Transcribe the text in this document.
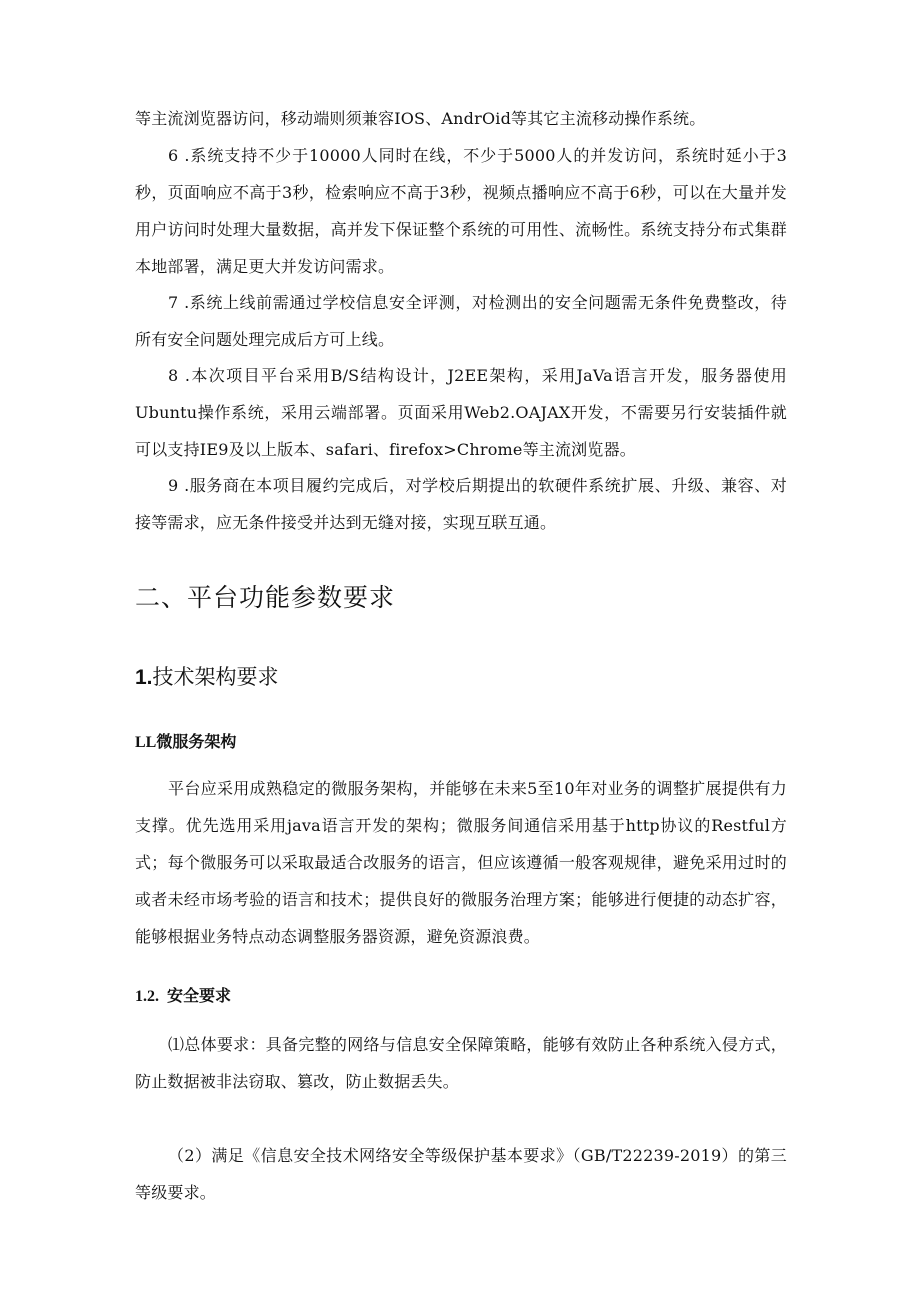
等主流浏览器访问，移动端则须兼容IOS、AndrOid等其它主流移动操作系统。

6 .系统支持不少于10000人同时在线，不少于5000人的并发访问，系统时延小于3秒，页面响应不高于3秒，检索响应不高于3秒，视频点播响应不高于6秒，可以在大量并发用户访问时处理大量数据，高并发下保证整个系统的可用性、流畅性。系统支持分布式集群本地部署，满足更大并发访问需求。

7 .系统上线前需通过学校信息安全评测，对检测出的安全问题需无条件免费整改，待所有安全问题处理完成后方可上线。

8 .本次项目平台采用B/S结构设计，J2EE架构，采用JaVa语言开发，服务器使用Ubuntu操作系统，采用云端部署。页面采用Web2.OAJAX开发，不需要另行安装插件就可以支持IE9及以上版本、safari、firefox>Chrome等主流浏览器。

9 .服务商在本项目履约完成后，对学校后期提出的软硬件系统扩展、升级、兼容、对接等需求，应无条件接受并达到无缝对接，实现互联互通。

二、平台功能参数要求
1.技术架构要求
LL微服务架构

平台应采用成熟稳定的微服务架构，并能够在未来5至10年对业务的调整扩展提供有力支撑。优先选用采用java语言开发的架构；微服务间通信采用基于http协议的Restful方式；每个微服务可以采取最适合改服务的语言，但应该遵循一般客观规律，避免采用过时的或者未经市场考验的语言和技术；提供良好的微服务治理方案；能够进行便捷的动态扩容，能够根据业务特点动态调整服务器资源，避免资源浪费。

1.2. 安全要求

⑴总体要求：具备完整的网络与信息安全保障策略，能够有效防止各种系统入侵方式，防止数据被非法窃取、篡改，防止数据丢失。

（2）满足《信息安全技术网络安全等级保护基本要求》（GB/T22239-2019）的第三等级要求。
